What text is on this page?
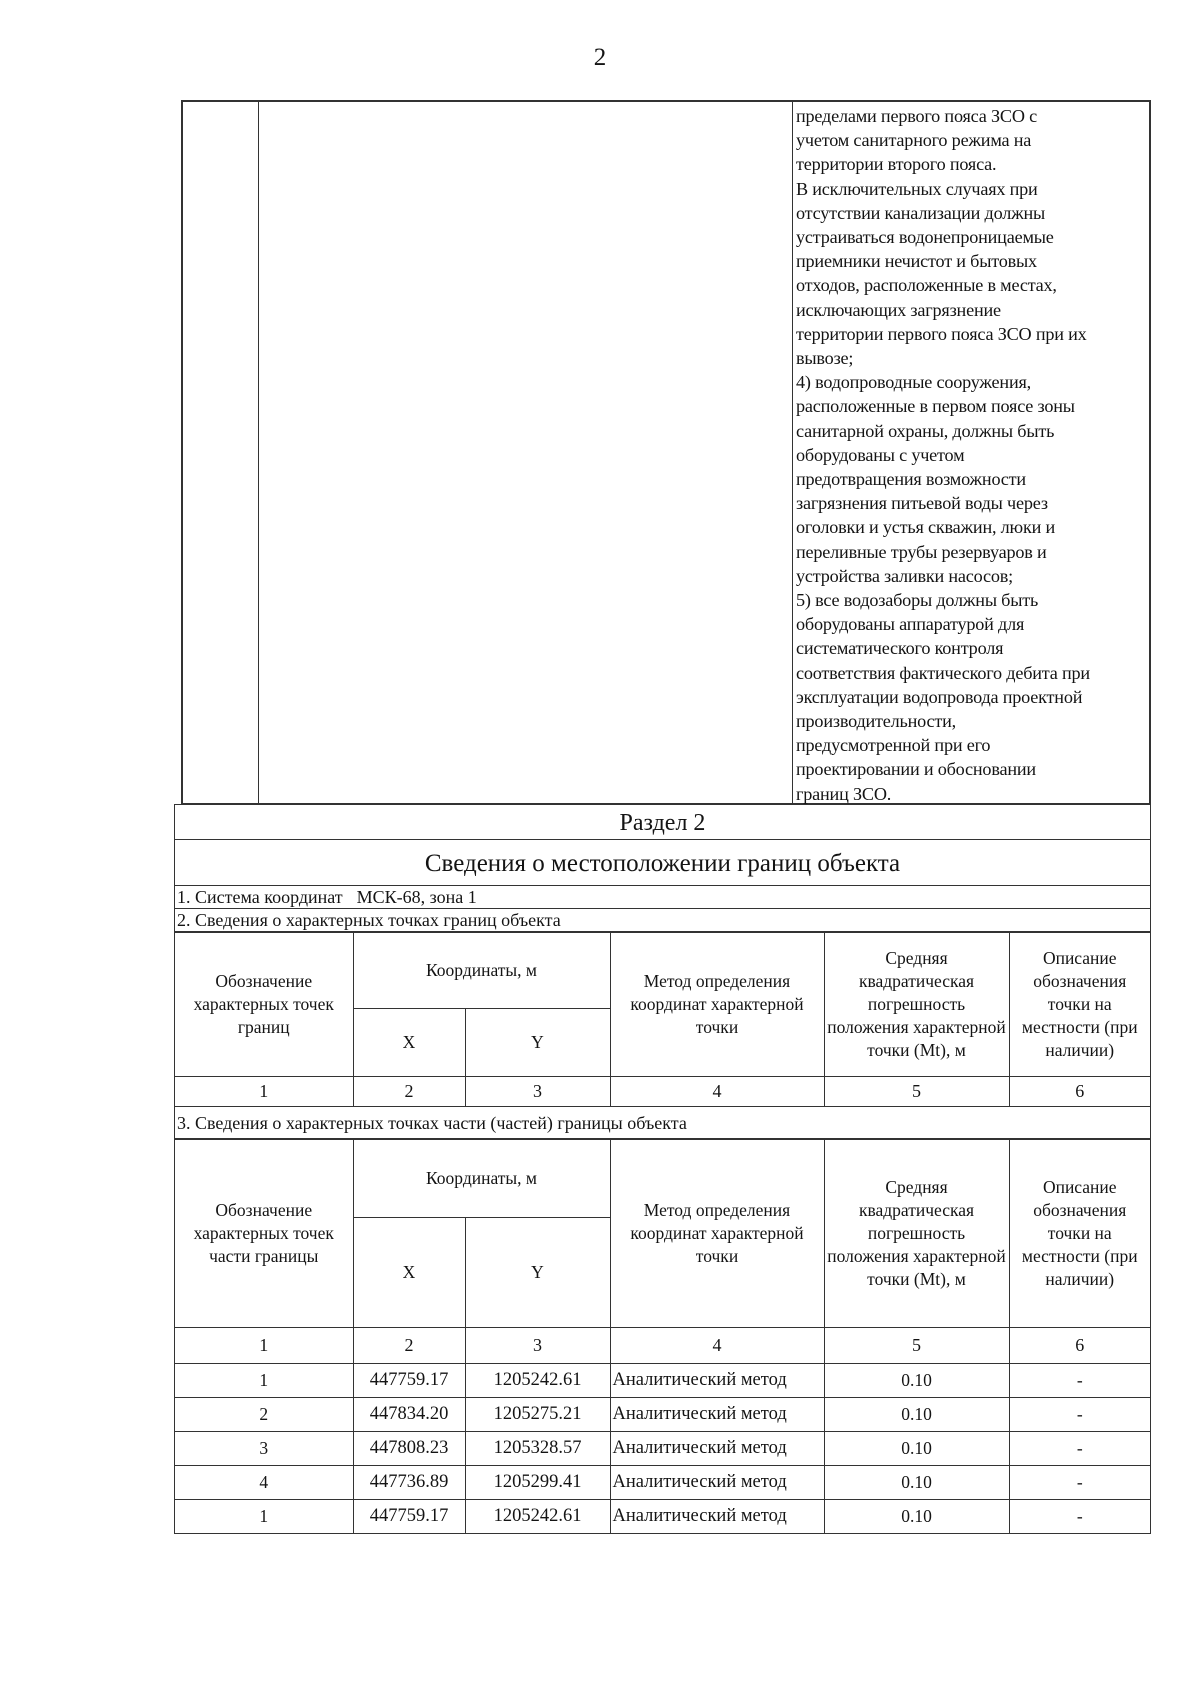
2
пределами первого пояса ЗСО с
учетом санитарного режима на
территории второго пояса.
В исключительных случаях при
отсутствии канализации должны
устраиваться водонепроницаемые
приемники нечистот и бытовых
отходов, расположенные в местах,
исключающих загрязнение
территории первого пояса ЗСО при их
вывозе;
4) водопроводные сооружения,
расположенные в первом поясе зоны
санитарной охраны, должны быть
оборудованы с учетом
предотвращения возможности
загрязнения питьевой воды через
оголовки и устья скважин, люки и
переливные трубы резервуаров и
устройства заливки насосов;
5) все водозаборы должны быть
оборудованы аппаратурой для
систематического контроля
соответствия фактического дебита при
эксплуатации водопровода проектной
производительности,
предусмотренной при его
проектировании и обосновании
границ ЗСО.
Раздел 2
Сведения о местоположении границ объекта
1. Система координат МСК-68, зона 1
2. Сведения о характерных точках границ объекта
Обозначение характерных точек границ	Координаты, м		Метод определения координат характерной точки	Средняя квадратическая погрешность положения характерной точки (Mt), м	Описание обозначения точки на местности (при наличии)
	X	Y			
1	2	3	4	5	6
3. Сведения о характерных точках части (частей) границы объекта
Обозначение характерных точек части границы	Координаты, м		Метод определения координат характерной точки	Средняя квадратическая погрешность положения характерной точки (Mt), м	Описание обозначения точки на местности (при наличии)
	X	Y			
1	2	3	4	5	6
1	447759.17	1205242.61	Аналитический метод	0.10	-
2	447834.20	1205275.21	Аналитический метод	0.10	-
3	447808.23	1205328.57	Аналитический метод	0.10	-
4	447736.89	1205299.41	Аналитический метод	0.10	-
1	447759.17	1205242.61	Аналитический метод	0.10	-
